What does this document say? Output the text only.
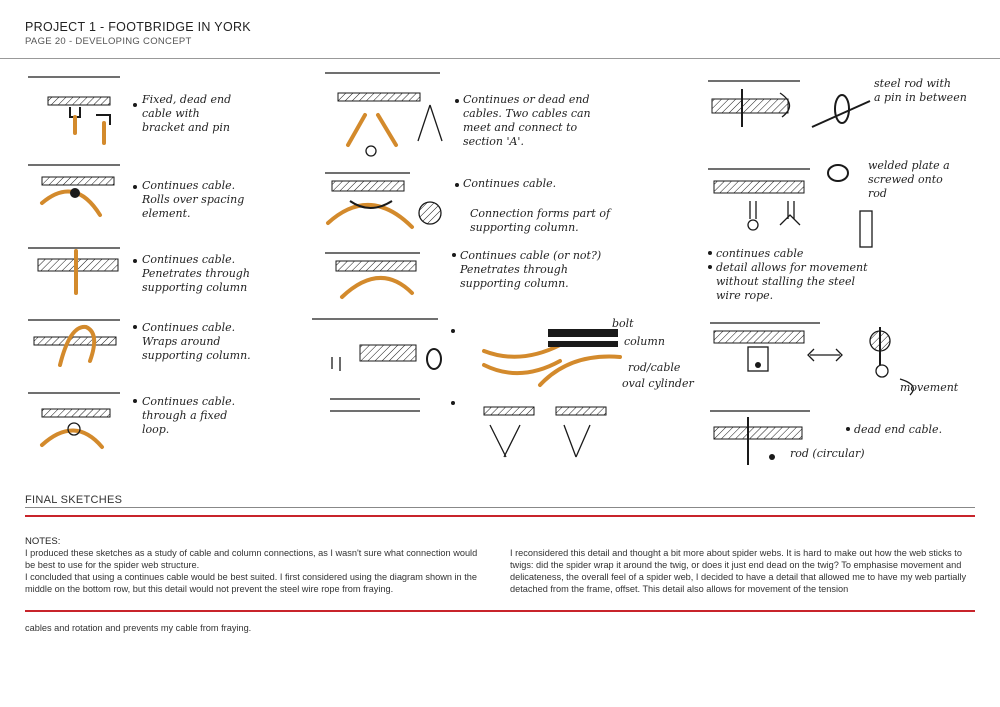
PROJECT 1 - FOOTBRIDGE IN YORK
PAGE 20 - DEVELOPING CONCEPT
Fixed, dead end
cable with
bracket and pin
Continues cable.
Rolls over spacing
element.
Continues cable.
Penetrates through
supporting column
Continues cable.
Wraps around
supporting column.
Continues cable.
through a fixed
loop.
Continues or dead end
cables. Two cables can
meet and connect to
section 'A'.
Continues cable.
Connection forms part of
supporting column.
Continues cable (or not?)
Penetrates through
supporting column.
bolt
column
rod/cable
oval cylinder
steel rod with
a pin in between
welded plate a
screwed onto
rod
continues cable
detail allows for movement
without stalling the steel
wire rope.
movement
dead end cable.
rod (circular)
FINAL SKETCHES
NOTES:

I produced these sketches as a study of cable and column connections, as I wasn't sure what connection would be best to use for the spider web structure.

I concluded that using a continues cable would be best suited. I first considered using the diagram shown in the middle on the bottom row, but this detail would not prevent the steel wire rope from fraying.

I reconsidered this detail and thought a bit more about spider webs. It is hard to make out how the web sticks to twigs: did the spider wrap it around the twig, or does it just end dead on the twig? To emphasise movement and delicateness, the overall feel of a spider web, I decided to have a detail that allowed me to have my web partially detached from the frame, offset. This detail also allows for movement of the tension

cables and rotation and prevents my cable from fraying.
